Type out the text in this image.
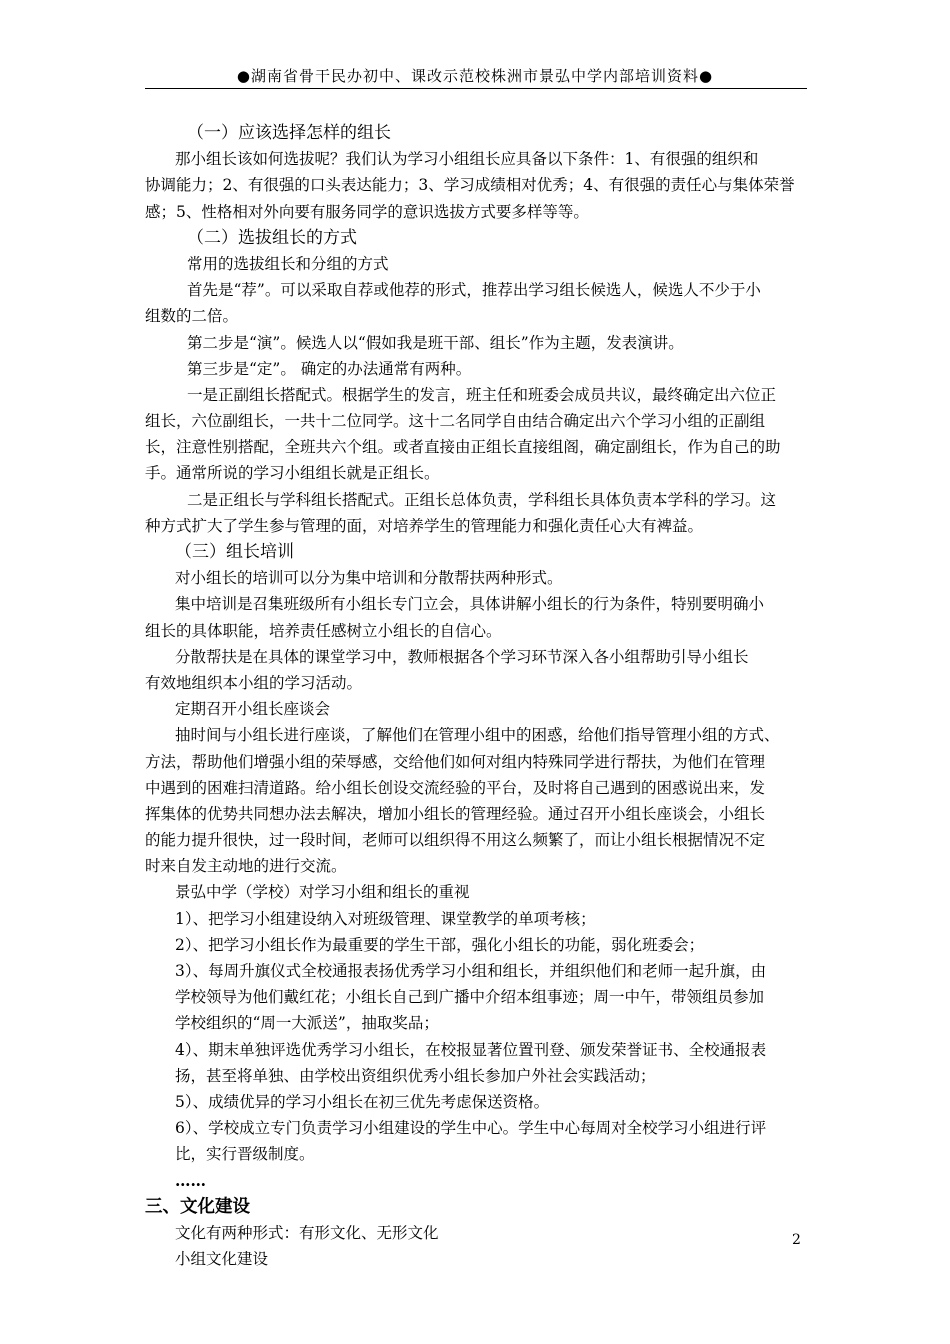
●湖南省骨干民办初中、课改示范校株洲市景弘中学内部培训资料●
（一）应该选择怎样的组长
那小组长该如何选拔呢？我们认为学习小组组长应具备以下条件：1、有很强的组织和
协调能力；2、有很强的口头表达能力；3、学习成绩相对优秀；4、有很强的责任心与集体荣誉
感；5、性格相对外向要有服务同学的意识选拔方式要多样等等。
（二）选拔组长的方式
常用的选拔组长和分组的方式
首先是“荐”。可以采取自荐或他荐的形式，推荐出学习组长候选人，候选人不少于小
组数的二倍。
第二步是“演”。候选人以“假如我是班干部、组长”作为主题，发表演讲。
第三步是“定”。 确定的办法通常有两种。
一是正副组长搭配式。根据学生的发言，班主任和班委会成员共议，最终确定出六位正
组长，六位副组长，一共十二位同学。这十二名同学自由结合确定出六个学习小组的正副组
长，注意性别搭配，全班共六个组。或者直接由正组长直接组阁，确定副组长，作为自己的助
手。通常所说的学习小组组长就是正组长。
二是正组长与学科组长搭配式。正组长总体负责，学科组长具体负责本学科的学习。这
种方式扩大了学生参与管理的面，对培养学生的管理能力和强化责任心大有裨益。
（三）组长培训
对小组长的培训可以分为集中培训和分散帮扶两种形式。
集中培训是召集班级所有小组长专门立会，具体讲解小组长的行为条件，特别要明确小
组长的具体职能，培养责任感树立小组长的自信心。
分散帮扶是在具体的课堂学习中，教师根据各个学习环节深入各小组帮助引导小组长
有效地组织本小组的学习活动。
定期召开小组长座谈会
抽时间与小组长进行座谈，了解他们在管理小组中的困惑，给他们指导管理小组的方式、
方法，帮助他们增强小组的荣辱感，交给他们如何对组内特殊同学进行帮扶，为他们在管理
中遇到的困难扫清道路。给小组长创设交流经验的平台，及时将自己遇到的困惑说出来，发
挥集体的优势共同想办法去解决，增加小组长的管理经验。通过召开小组长座谈会，小组长
的能力提升很快，过一段时间，老师可以组织得不用这么频繁了，而让小组长根据情况不定
时来自发主动地的进行交流。
景弘中学（学校）对学习小组和组长的重视
1）、把学习小组建设纳入对班级管理、课堂教学的单项考核；
2）、把学习小组长作为最重要的学生干部，强化小组长的功能，弱化班委会；
3）、每周升旗仪式全校通报表扬优秀学习小组和组长，并组织他们和老师一起升旗，由
学校领导为他们戴红花；小组长自己到广播中介绍本组事迹；周一中午，带领组员参加
学校组织的“周一大派送”，抽取奖品；
4）、期末单独评选优秀学习小组长，在校报显著位置刊登、颁发荣誉证书、全校通报表
扬，甚至将单独、由学校出资组织优秀小组长参加户外社会实践活动；
5）、成绩优异的学习小组长在初三优先考虑保送资格。
6）、学校成立专门负责学习小组建设的学生中心。学生中心每周对全校学习小组进行评
比，实行晋级制度。
……
三、文化建设
文化有两种形式：有形文化、无形文化
小组文化建设
2
